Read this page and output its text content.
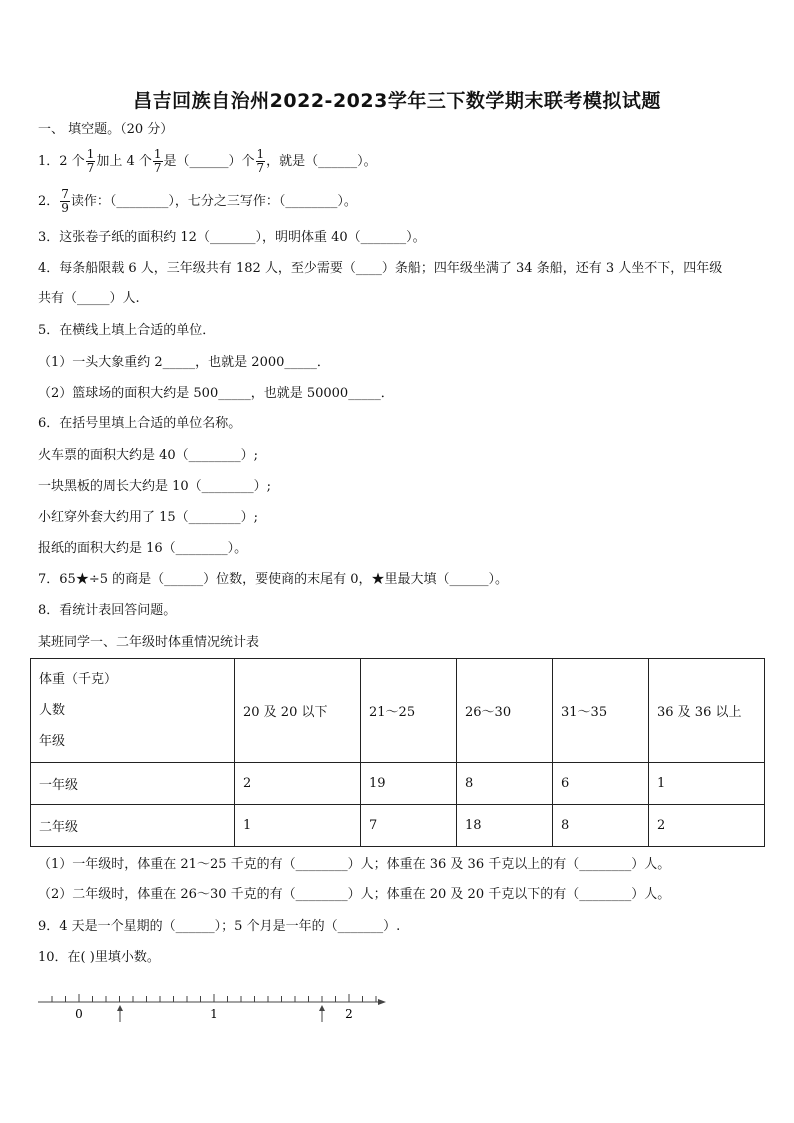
昌吉回族自治州2022-2023学年三下数学期末联考模拟试题
一、 填空题。（20 分）
1．2 个 $\frac{1}{7}$ 加上 4 个 $\frac{1}{7}$ 是（______）个 $\frac{1}{7}$ ，就是（______）。
2． $\frac{7}{9}$ 读作：（________），七分之三写作：（________）。
3．这张卷子纸的面积约 12（_______），明明体重 40（_______）。
4．每条船限载 6 人，三年级共有 182 人，至少需要（____）条船；四年级坐满了 34 条船，还有 3 人坐不下，四年级
共有（_____）人.
5．在横线上填上合适的单位．
（1）一头大象重约 2_____，也就是 2000_____．
（2）篮球场的面积大约是 500_____，也就是 50000_____．
6．在括号里填上合适的单位名称。
火车票的面积大约是 40（________）;
一块黑板的周长大约是 10（________）;
小红穿外套大约用了 15（________）;
报纸的面积大约是 16（________）。
7．65★÷5 的商是（______）位数，要使商的末尾有 0，★里最大填（______）。
8．看统计表回答问题。
某班同学一、二年级时体重情况统计表
体重（千克）
人数
年级	20 及 20 以下	21～25	26～30	31～35	36 及 36 以上
一年级	2	19	8	6	1
二年级	1	7	18	8	2
（1）一年级时，体重在 21～25 千克的有（________）人；体重在 36 及 36 千克以上的有（________）人。
（2）二年级时，体重在 26～30 千克的有（________）人；体重在 20 及 20 千克以下的有（________）人。
9．4 天是一个星期的（______）；5 个月是一年的（_______）.
10．在( )里填小数。
0	1	2
